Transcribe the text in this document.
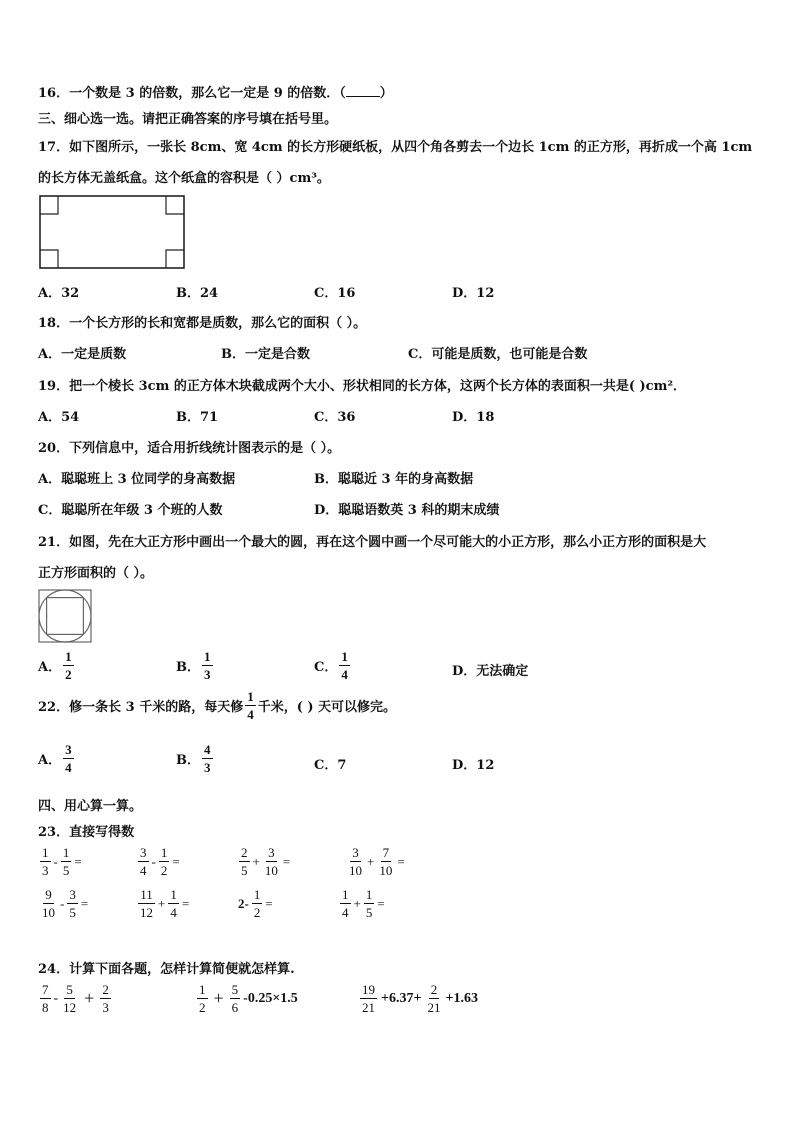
16．一个数是 3 的倍数，那么它一定是 9 的倍数．（	）
三、细心选一选。请把正确答案的序号填在括号里。
17．如下图所示，一张长 8cm、宽 4cm 的长方形硬纸板，从四个角各剪去一个边长 1cm 的正方形，再折成一个高 1cm
的长方体无盖纸盒。这个纸盒的容积是（ ）cm³。
A．32	B．24	C．16	D．12
18．一个长方形的长和宽都是质数，那么它的面积（ ）。
A．一定是质数	B．一定是合数	C．可能是质数，也可能是合数
19．把一个棱长 3cm 的正方体木块截成两个大小、形状相同的长方体，这两个长方体的表面积一共是( )cm²．
A．54	B．71	C．36	D．18
20．下列信息中，适合用折线统计图表示的是（ ）。
A．聪聪班上 3 位同学的身高数据	B．聪聪近 3 年的身高数据
C．聪聪所在年级 3 个班的人数	D．聪聪语数英 3 科的期末成绩
21．如图，先在大正方形中画出一个最大的圆，再在这个圆中画一个尽可能大的小正方形，那么小正方形的面积是大
正方形面积的（ ）。
A． $\frac{1}{2}$	B． $\frac{1}{3}$	C． $\frac{1}{4}$	D．无法确定
22．修一条长 3 千米的路，每天修 $\frac{1}{4}$ 千米，( ) 天可以修完。
A． $\frac{3}{4}$	B． $\frac{4}{3}$	C．7	D．12
四、用心算一算。
23．直接写得数
$\frac{1}{3} - \frac{1}{5}$ =	$\frac{3}{4} - \frac{1}{2}$ =	$\frac{2}{5} + \frac{3}{10}$ =	$\frac{3}{10} + \frac{7}{10}$ =
$\frac{9}{10} - \frac{3}{5}$ =	$\frac{11}{12} + \frac{1}{4}$ =	$2- \frac{1}{2}$ =	$\frac{1}{4} + \frac{1}{5}$ =
24．计算下面各题，怎样计算简便就怎样算.
$\frac{7}{8} - \frac{5}{12} + \frac{2}{3}$	$\frac{1}{2} + \frac{5}{6} -0.25\times 1.5$	$\frac{19}{21} +6.37+ \frac{2}{21} +1.63$
